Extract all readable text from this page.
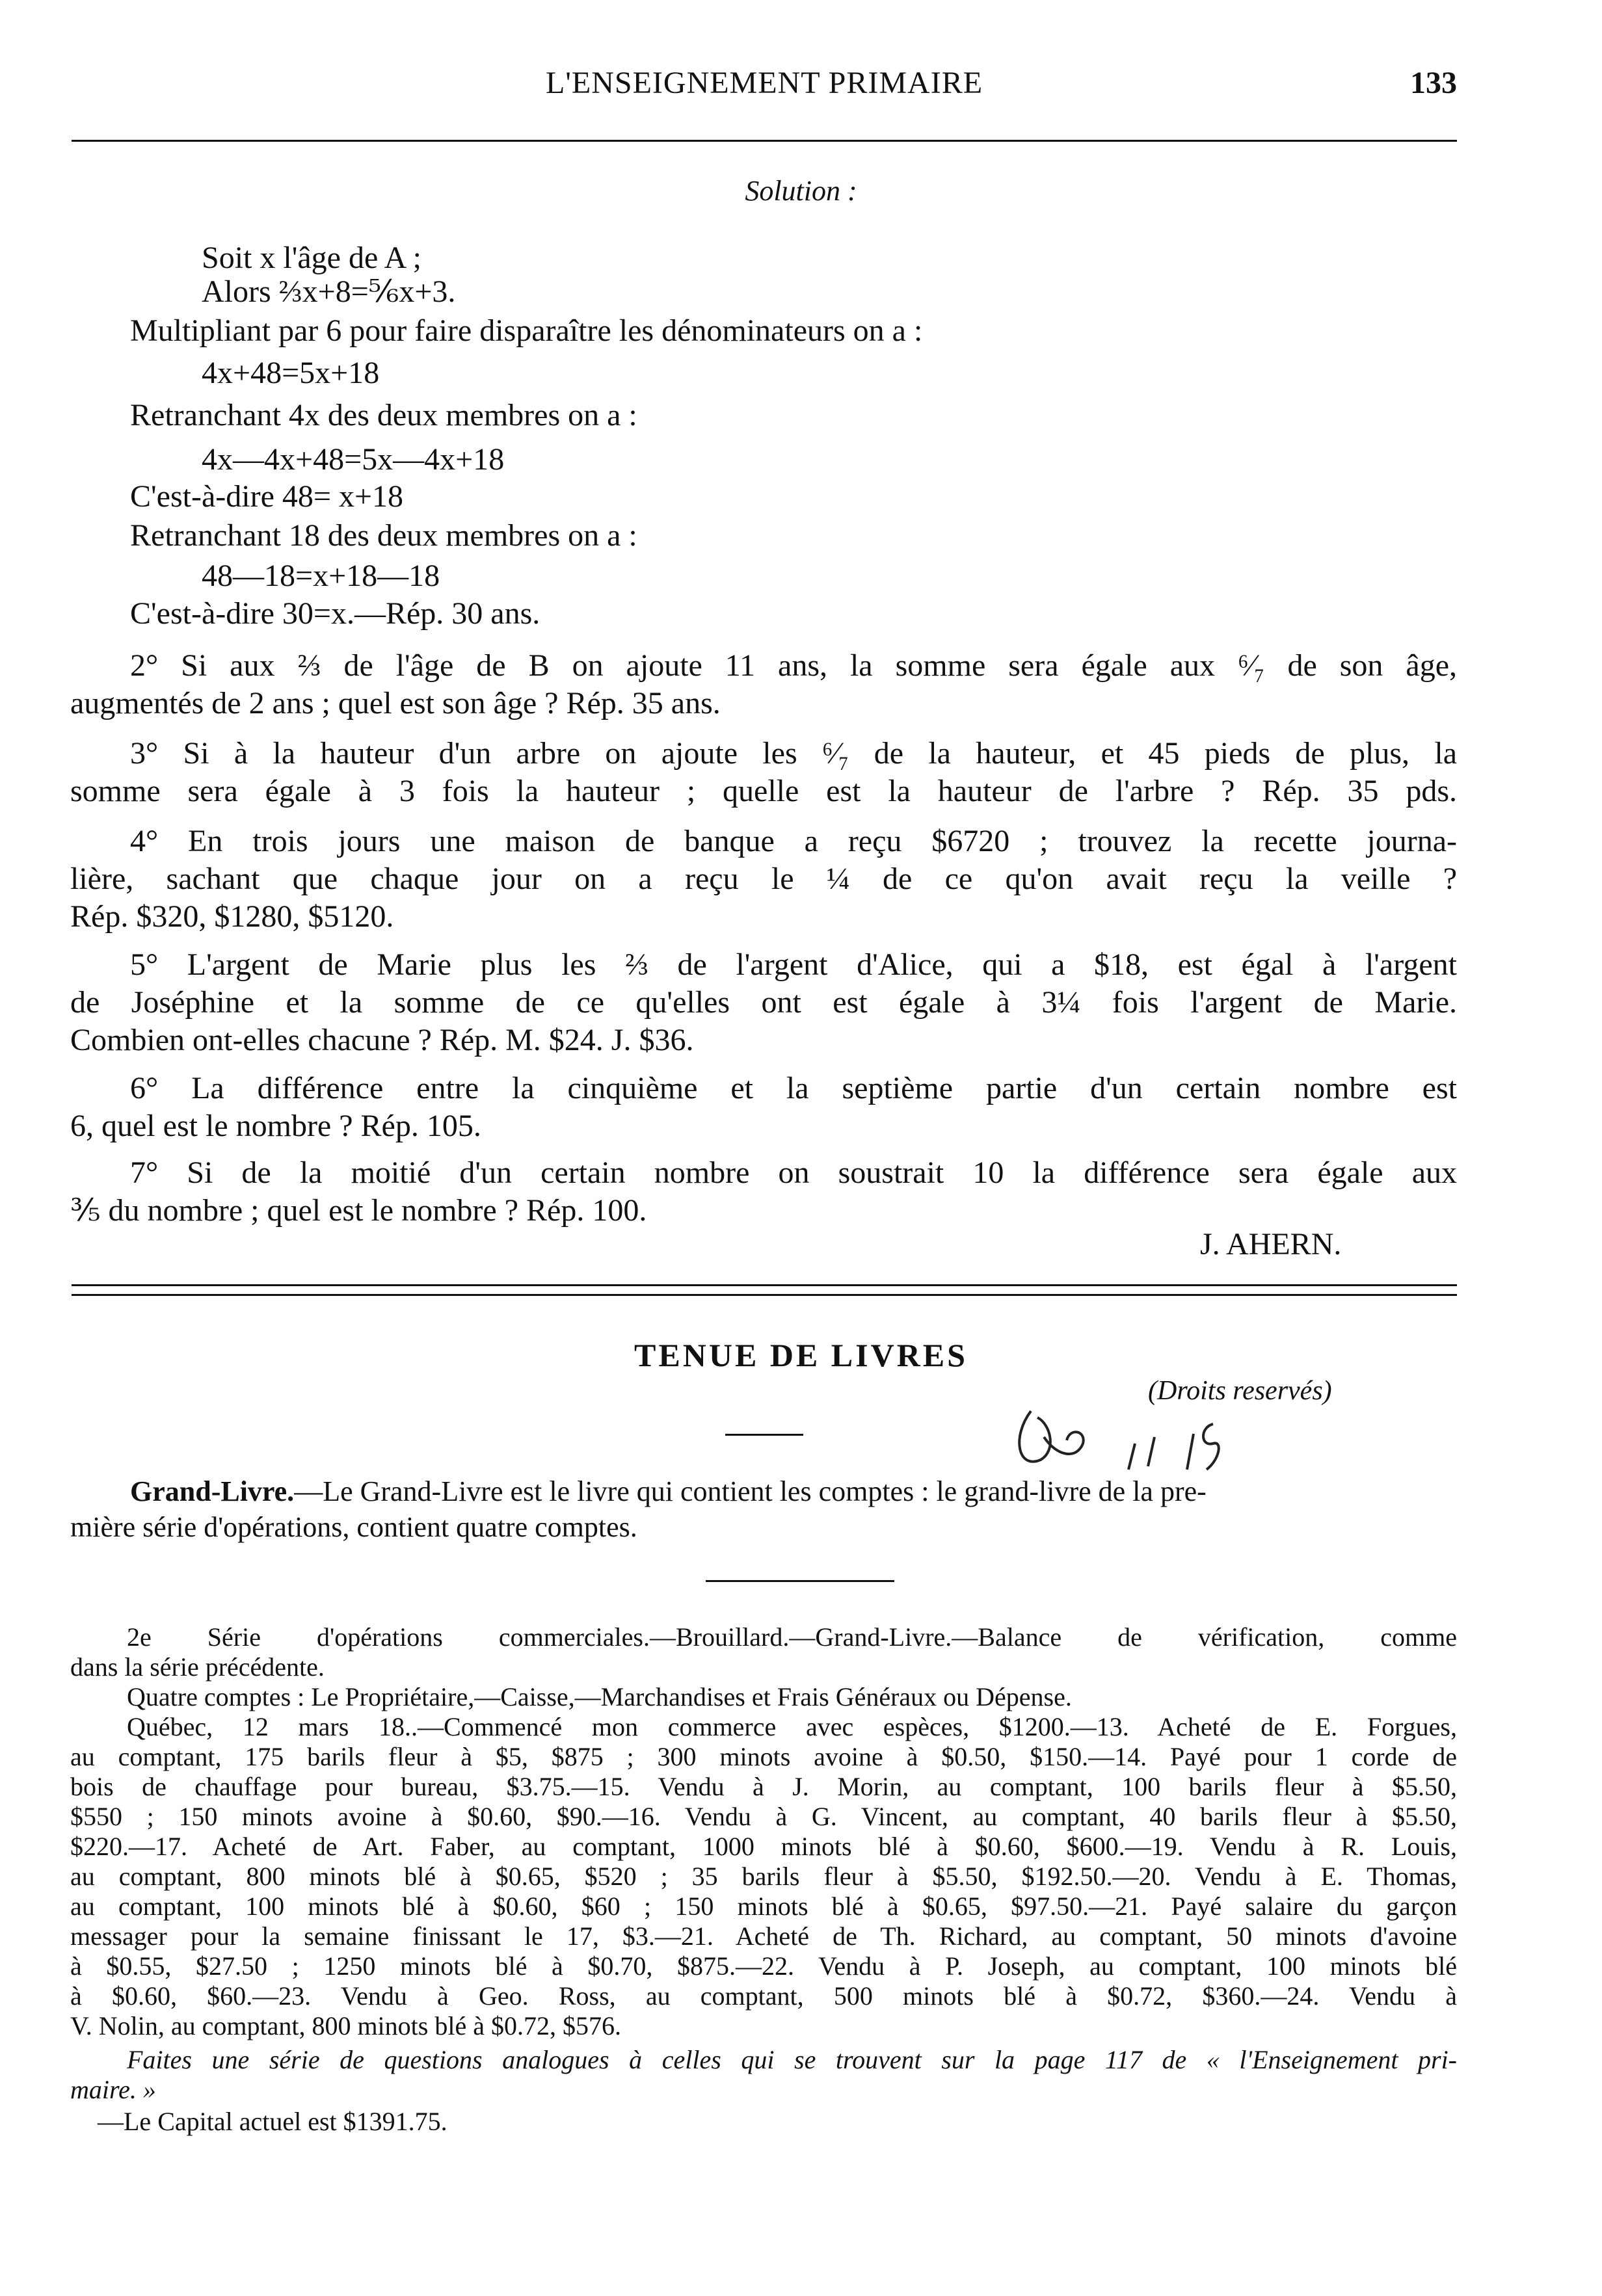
L'ENSEIGNEMENT PRIMAIRE	133
Solution :
Soit x l'âge de A ;
Alors ⅔x+8=⅚x+3.
Multipliant par 6 pour faire disparaître les dénominateurs on a :
4x+48=5x+18
Retranchant 4x des deux membres on a :
4x—4x+48=5x—4x+18
C'est-à-dire 48= x+18
Retranchant 18 des deux membres on a :
48—18=x+18—18
C'est-à-dire 30=x.—Rép. 30 ans.
2° Si aux ⅔ de l'âge de B on ajoute 11 ans, la somme sera égale aux ⁶⁄₇ de son âge,
augmentés de 2 ans ; quel est son âge ? Rép. 35 ans.
3° Si à la hauteur d'un arbre on ajoute les ⁶⁄₇ de la hauteur, et 45 pieds de plus, la
somme sera égale à 3 fois la hauteur ; quelle est la hauteur de l'arbre ? Rép. 35 pds.
4° En trois jours une maison de banque a reçu $6720 ; trouvez la recette journa-
lière, sachant que chaque jour on a reçu le ¼ de ce qu'on avait reçu la veille ?
Rép. $320, $1280, $5120.
5° L'argent de Marie plus les ⅔ de l'argent d'Alice, qui a $18, est égal à l'argent
de Joséphine et la somme de ce qu'elles ont est égale à 3¼ fois l'argent de Marie.
Combien ont-elles chacune ? Rép. M. $24. J. $36.
6° La différence entre la cinquième et la septième partie d'un certain nombre est
6, quel est le nombre ? Rép. 105.
7° Si de la moitié d'un certain nombre on soustrait 10 la différence sera égale aux
⅗ du nombre ; quel est le nombre ? Rép. 100.
J. AHERN.
TENUE DE LIVRES
(Droits reservés)
Grand-Livre.—Le Grand-Livre est le livre qui contient les comptes : le grand-livre de la pre-
mière série d'opérations, contient quatre comptes.
2e Série d'opérations commerciales.—Brouillard.—Grand-Livre.—Balance de vérification, comme
dans la série précédente.
Quatre comptes : Le Propriétaire,—Caisse,—Marchandises et Frais Généraux ou Dépense.
Québec, 12 mars 18..—Commencé mon commerce avec espèces, $1200.—13. Acheté de E. Forgues,
au comptant, 175 barils fleur à $5, $875 ; 300 minots avoine à $0.50, $150.—14. Payé pour 1 corde de
bois de chauffage pour bureau, $3.75.—15. Vendu à J. Morin, au comptant, 100 barils fleur à $5.50,
$550 ; 150 minots avoine à $0.60, $90.—16. Vendu à G. Vincent, au comptant, 40 barils fleur à $5.50,
$220.—17. Acheté de Art. Faber, au comptant, 1000 minots blé à $0.60, $600.—19. Vendu à R. Louis,
au comptant, 800 minots blé à $0.65, $520 ; 35 barils fleur à $5.50, $192.50.—20. Vendu à E. Thomas,
au comptant, 100 minots blé à $0.60, $60 ; 150 minots blé à $0.65, $97.50.—21. Payé salaire du garçon
messager pour la semaine finissant le 17, $3.—21. Acheté de Th. Richard, au comptant, 50 minots d'avoine
à $0.55, $27.50 ; 1250 minots blé à $0.70, $875.—22. Vendu à P. Joseph, au comptant, 100 minots blé
à $0.60, $60.—23. Vendu à Geo. Ross, au comptant, 500 minots blé à $0.72, $360.—24. Vendu à
V. Nolin, au comptant, 800 minots blé à $0.72, $576.
Faites une série de questions analogues à celles qui se trouvent sur la page 117 de « l'Enseignement pri-
maire. »
—Le Capital actuel est $1391.75.
